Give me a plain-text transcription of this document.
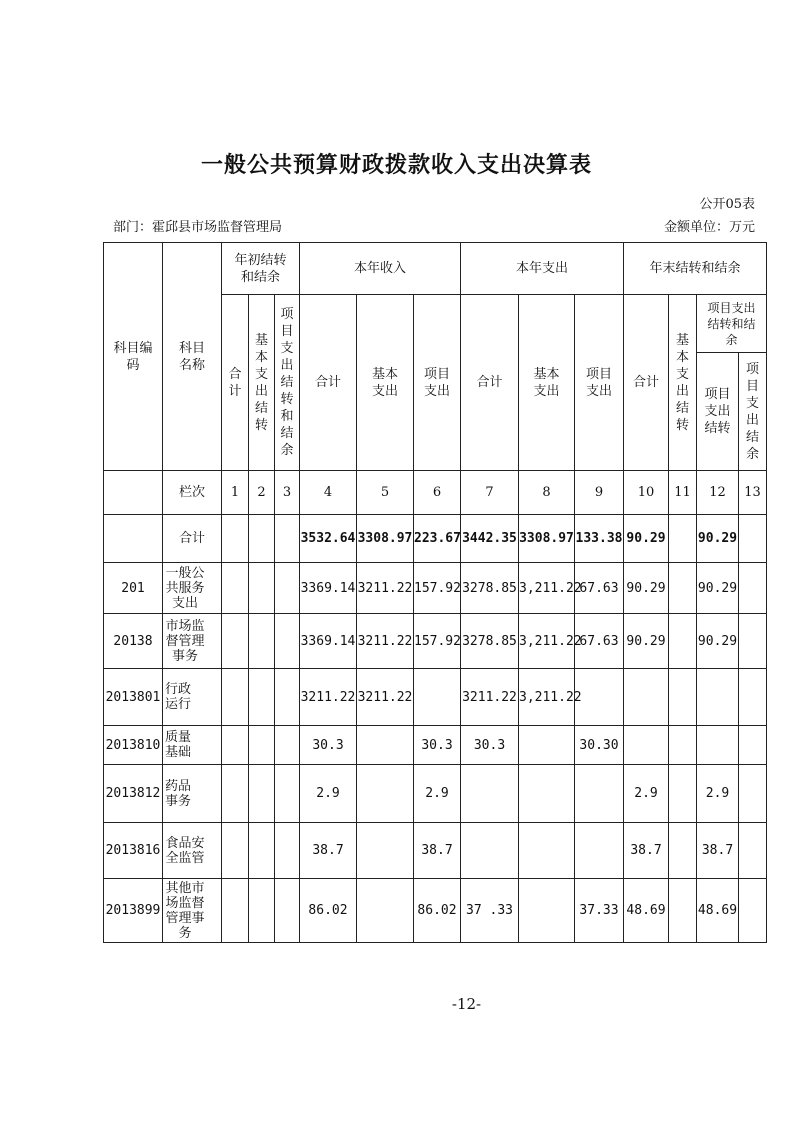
一般公共预算财政拨款收入支出决算表
公开05表
部门：霍邱县市场监督管理局	金额单位：万元
科目编码	科目名称	年初结转和结余			本年收入			本年支出			年末结转和结余			

		合计	基本支出结转	项目支出结转和结余	合计	基本支出	项目支出	合计	基本支出	项目支出	合计	基本支出结转	项目支出结转和结余	

													项目支出结转	项目支出结余

	栏次	1	2	3	4	5	6	7	8	9	10	11	12	13
	合计				3532.64	3308.97	223.67	3442.35	3308.97	133.38	90.29		90.29	
201	一般公共服务支出				3369.14	3211.22	157.92	3278.85	3,211.22	67.63	90.29		90.29	
20138	市场监督管理事务				3369.14	3211.22	157.92	3278.85	3,211.22	67.63	90.29		90.29	
2013801	行政运行				3211.22	3211.22		3211.22	3,211.22					
2013810	质量基础				30.3		30.3	30.3		30.30				
2013812	药品事务				2.9		2.9				2.9		2.9	
2013816	食品安全监管				38.7		38.7				38.7		38.7	
2013899	其他市场监督管理事务				86.02		86.02	37 .33		37.33	48.69		48.69	
-12-
